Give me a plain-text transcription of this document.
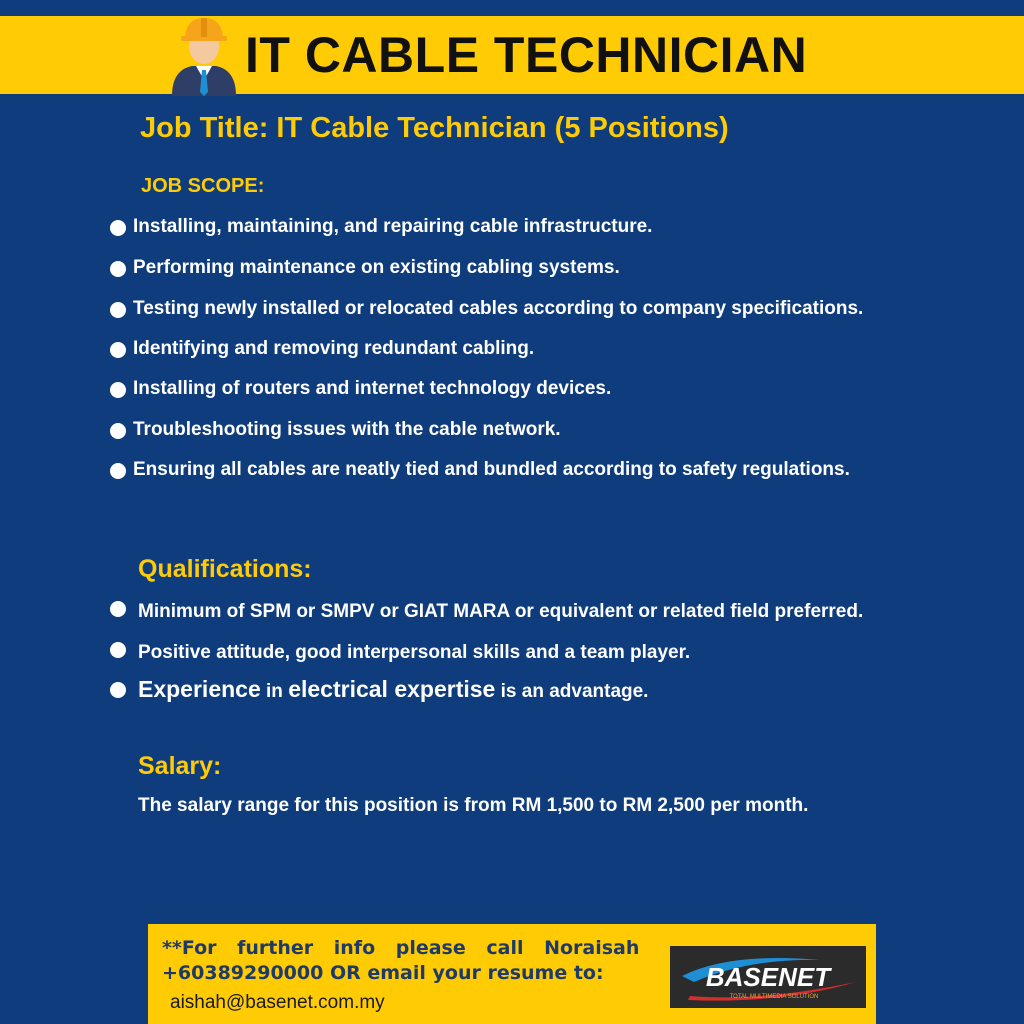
IT CABLE TECHNICIAN
Job Title: IT Cable Technician (5 Positions)
JOB SCOPE:
Installing, maintaining, and repairing cable infrastructure.
Performing maintenance on existing cabling systems.
Testing newly installed or relocated cables according to company specifications.
Identifying and removing redundant cabling.
Installing of routers and internet technology devices.
Troubleshooting issues with the cable network.
Ensuring all cables are neatly tied and bundled according to safety regulations.
Qualifications:
Minimum of SPM or SMPV or GIAT MARA or equivalent or related field preferred.
Positive attitude, good interpersonal skills and a team player.
Experience in electrical expertise is an advantage.
Salary:
The salary range for this position is from RM 1,500 to RM 2,500 per month.
**For further info please call Noraisah
+60389290000 OR email your resume to:
aishah@basenet.com.my
BASENET
TOTAL MULTIMEDIA SOLUTION
